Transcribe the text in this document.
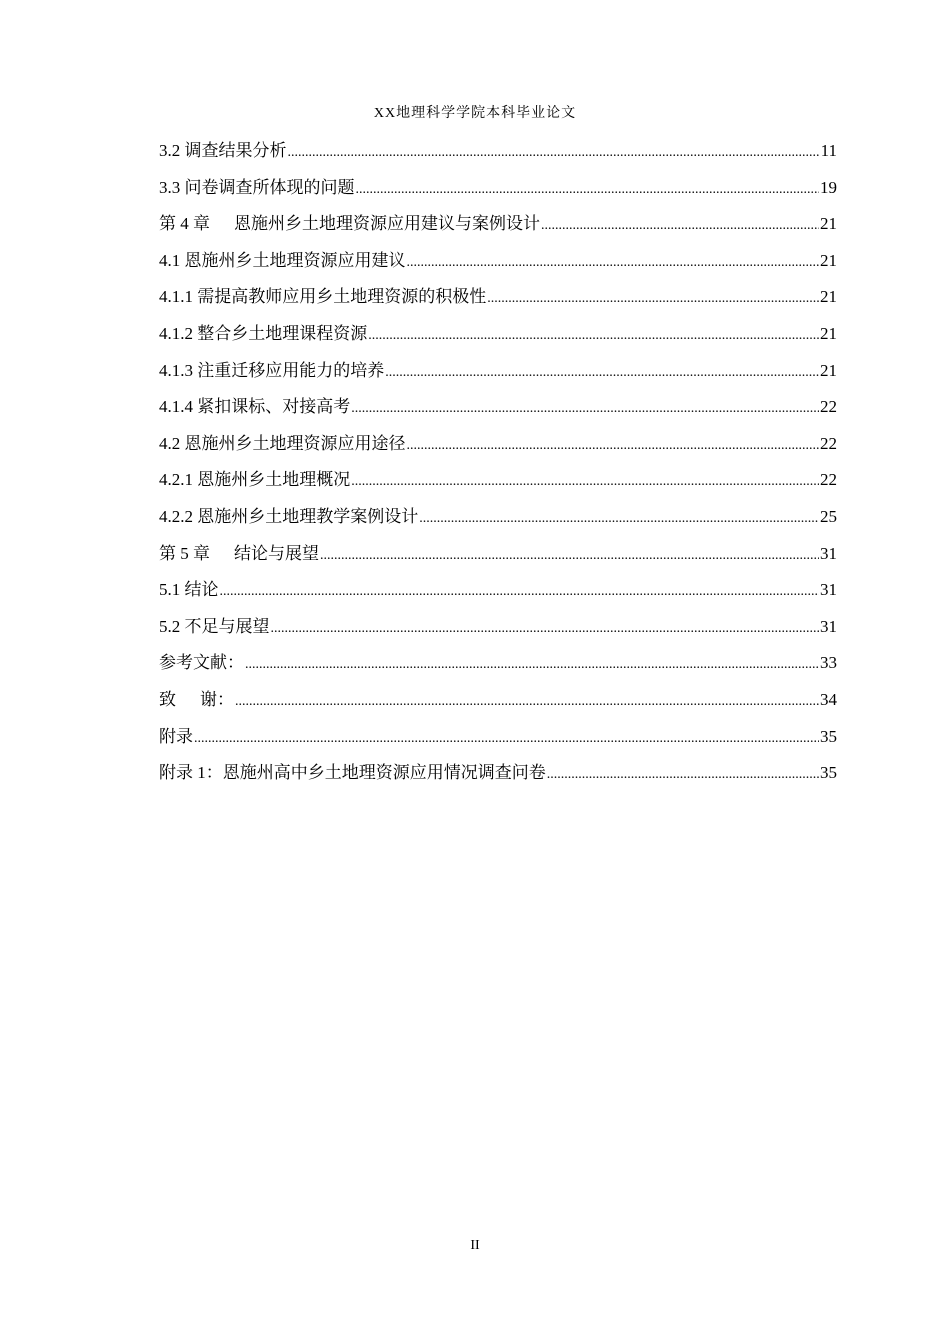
XX地理科学学院本科毕业论文
3.2 调查结果分析 .....	11
3.3 问卷调查所体现的问题 .....	19
第 4 章 恩施州乡土地理资源应用建议与案例设计 .....	21
4.1 恩施州乡土地理资源应用建议 .....	21
4.1.1 需提高教师应用乡土地理资源的积极性 .....	21
4.1.2 整合乡土地理课程资源 .....	21
4.1.3 注重迁移应用能力的培养 .....	21
4.1.4 紧扣课标、对接高考 .....	22
4.2 恩施州乡土地理资源应用途径 .....	22
4.2.1 恩施州乡土地理概况 .....	22
4.2.2 恩施州乡土地理教学案例设计 .....	25
第 5 章 结论与展望 .....	31
5.1 结论 .....	31
5.2 不足与展望 .....	31
参考文献： .....	33
致 谢： .....	34
附录 .....	35
附录 1：恩施州高中乡土地理资源应用情况调查问卷 .....	35
II
